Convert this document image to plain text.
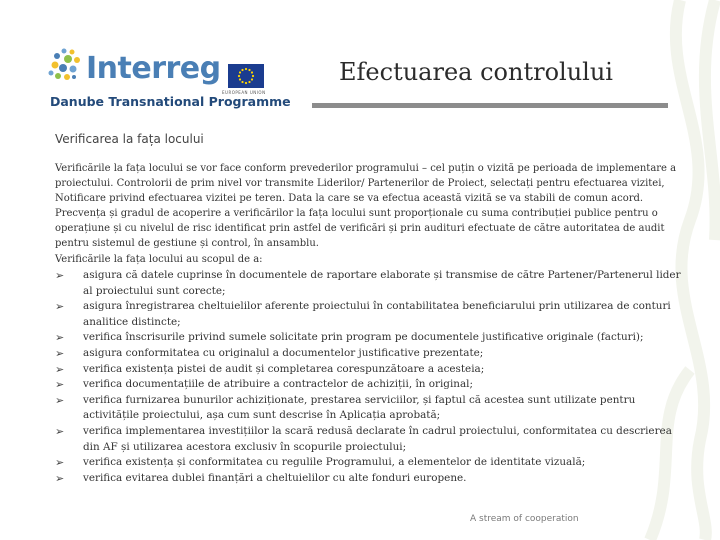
Interreg
EUROPEAN UNION
Danube Transnational Programme
Efectuarea controlului
Verificarea la fața locului
Verificările la fața locului se vor face conform prevederilor programului – cel puțin o vizită pe perioada de implementare a proiectului. Controlorii de prim nivel vor transmite Liderilor/ Partenerilor de Proiect, selectați pentru efectuarea vizitei, Notificare privind efectuarea vizitei pe teren. Data la care se va efectua această vizită se va stabili de comun acord. Precvența și gradul de acoperire a verificărilor la fața locului sunt proporționale cu suma contribuției publice pentru o operațiune și cu nivelul de risc identificat prin astfel de verificări și prin audituri efectuate de către autoritatea de audit pentru sistemul de gestiune și control, în ansamblu.
Verificările la fața locului au scopul de a:
➢ asigura că datele cuprinse în documentele de raportare elaborate și transmise de către Partener/Partenerul lider al proiectului sunt corecte;
➢ asigura înregistrarea cheltuielilor aferente proiectului în contabilitatea beneficiarului prin utilizarea de conturi analitice distincte;
➢ verifica înscrisurile privind sumele solicitate prin program pe documentele justificative originale (facturi);
➢ asigura conformitatea cu originalul a documentelor justificative prezentate;
➢ verifica existența pistei de audit și completarea corespunzătoare a acesteia;
➢ verifica documentațiile de atribuire a contractelor de achiziții, în original;
➢ verifica furnizarea bunurilor achiziționate, prestarea serviciilor, și faptul că acestea sunt utilizate pentru activitățile proiectului, așa cum sunt descrise în Aplicația aprobată;
➢ verifica implementarea investițiilor la scară redusă declarate în cadrul proiectului, conformitatea cu descrierea din AF și utilizarea acestora exclusiv în scopurile proiectului;
➢ verifica existența și conformitatea cu regulile Programului, a elementelor de identitate vizuală;
➢ verifica evitarea dublei finanțări a cheltuielilor cu alte fonduri europene.
A stream of cooperation
